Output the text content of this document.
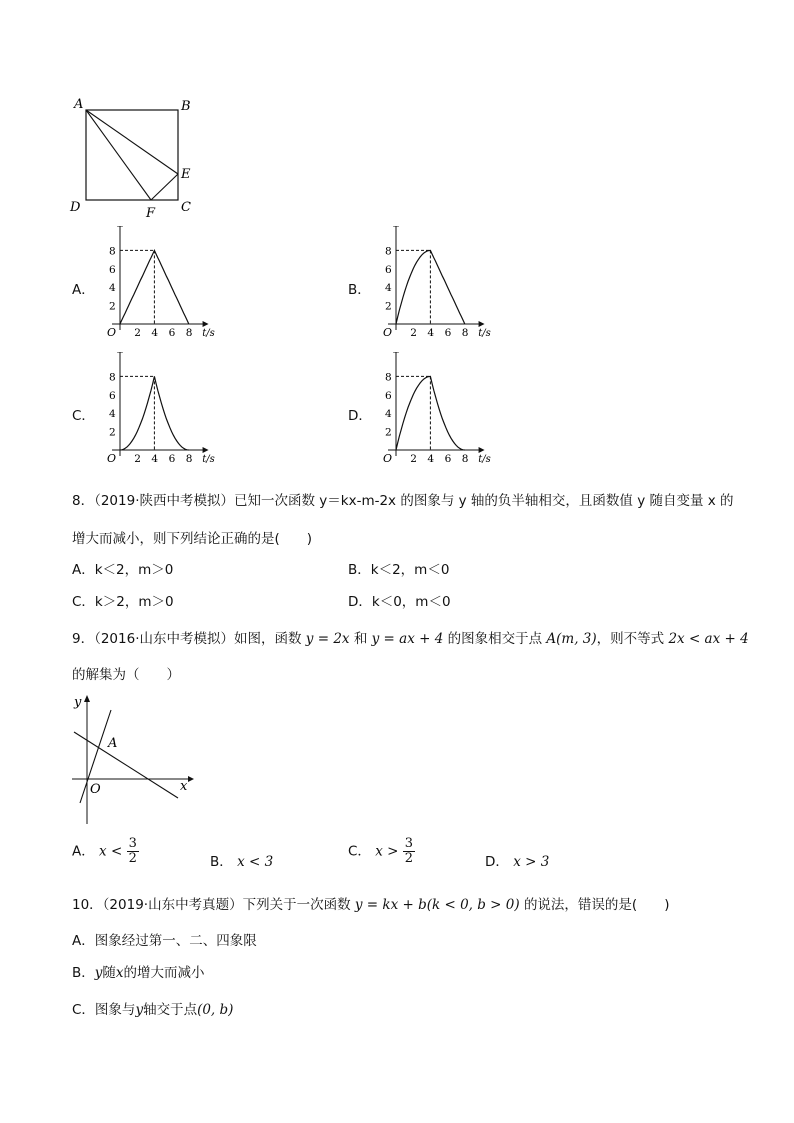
A	B
C
D
E
F
A．
2 4 6 8
2
4
6
8
O	t/s
B．
2 4 6 8
2
4
6
8
O	t/s
C．
2 4 6 8
2
4
6
8
O	t/s
D．
2 4 6 8
2
4
6
8
O	t/s
8．（2019·陕西中考模拟）已知一次函数 y＝kx-m-2x 的图象与 y 轴的负半轴相交，且函数值 y 随自变量 x 的
增大而减小，则下列结论正确的是(　　)
A．k＜2，m＞0	B．k＜2，m＜0
C．k＞2，m＞0	D．k＜0，m＜0
9．（2016·山东中考模拟）如图，函数 y = 2x 和 y = ax + 4 的图象相交于点 A(m, 3)，则不等式 2x < ax + 4
的解集为（　　）
y
x
O
A
A． $x < \frac{3}{2}$	B． x < 3
C． $x > \frac{3}{2}$	D． x > 3
10．（2019·山东中考真题）下列关于一次函数 y = kx + b(k < 0, b > 0) 的说法，错误的是(　　)
A．图象经过第一、二、四象限
B．y随x的增大而减小
C．图象与y轴交于点(0, b)
